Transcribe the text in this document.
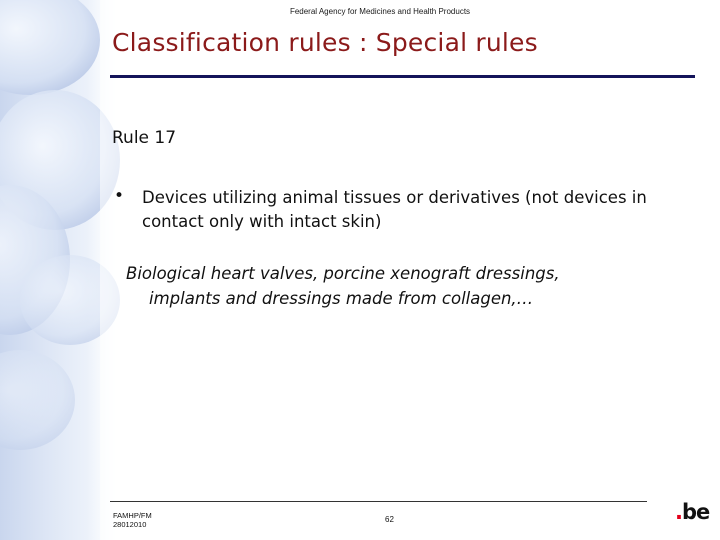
Federal Agency for Medicines and Health Products
Classification rules : Special rules
Rule 17
• Devices utilizing animal tissues or derivatives (not devices in contact only with intact skin)
Biological heart valves, porcine xenograft dressings,
implants and dressings made from collagen,…
FAMHP/FM
28012010
62	.be
